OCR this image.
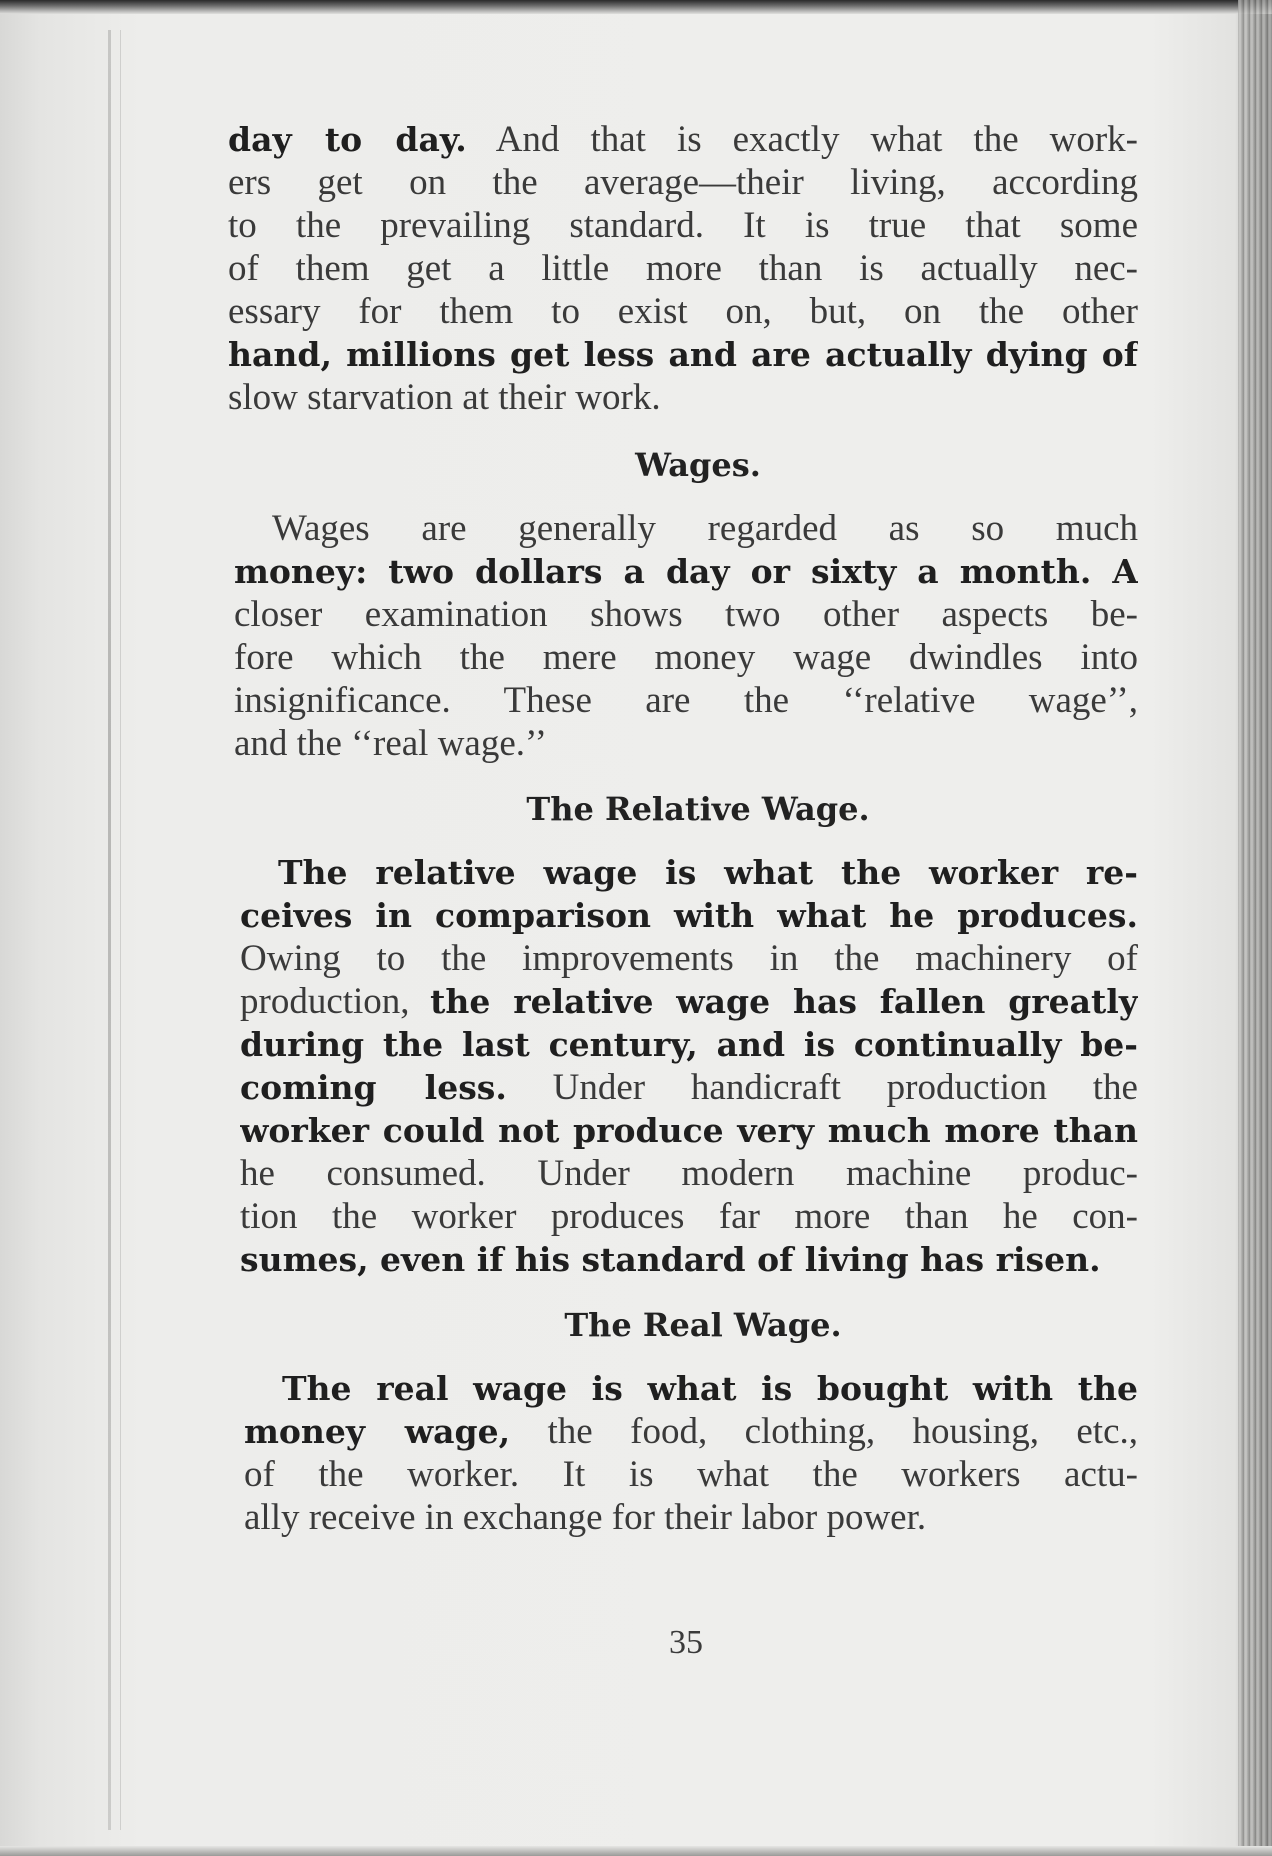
day to day. And that is exactly what the work-
ers get on the average—their living, according
to the prevailing standard. It is true that some
of them get a little more than is actually nec-
essary for them to exist on, but, on the other
hand, millions get less and are actually dying of
slow starvation at their work.
Wages.
Wages are generally regarded as so much
money: two dollars a day or sixty a month. A
closer examination shows two other aspects be-
fore which the mere money wage dwindles into
insignificance. These are the ‘‘relative wage’’,
and the ‘‘real wage.’’
The Relative Wage.
The relative wage is what the worker re-
ceives in comparison with what he produces.
Owing to the improvements in the machinery of
production, the relative wage has fallen greatly
during the last century, and is continually be-
coming less. Under handicraft production the
worker could not produce very much more than
he consumed. Under modern machine produc-
tion the worker produces far more than he con-
sumes, even if his standard of living has risen.
The Real Wage.
The real wage is what is bought with the
money wage, the food, clothing, housing, etc.,
of the worker. It is what the workers actu-
ally receive in exchange for their labor power.
35
